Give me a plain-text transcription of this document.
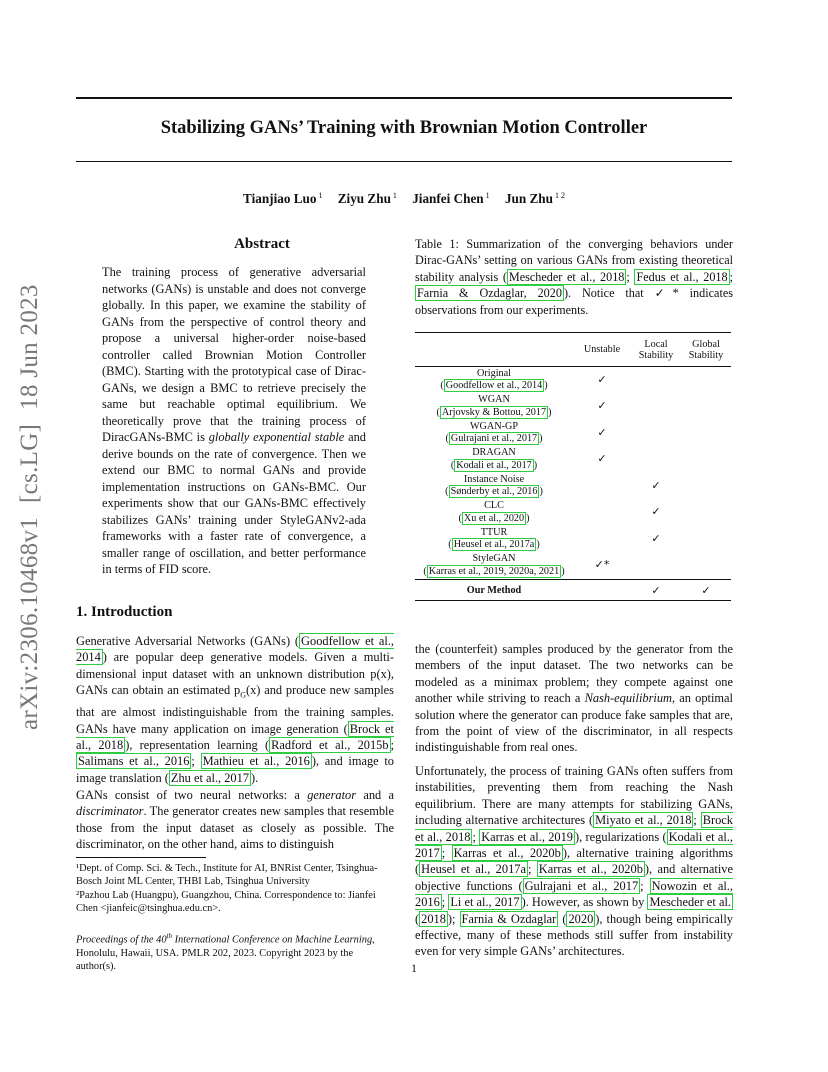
Stabilizing GANs’ Training with Brownian Motion Controller
Tianjiao Luo $^1$ Ziyu Zhu $^1$ Jianfei Chen $^1$ Jun Zhu $^{1 2}$
arXiv:2306.10468v1[cs.LG]18 Jun 2023
Abstract
The training process of generative adversarial networks (GANs) is unstable and does not converge globally. In this paper, we examine the stability of GANs from the perspective of control theory and propose a universal higher-order noise-based controller called Brownian Motion Controller (BMC). Starting with the prototypical case of Dirac-GANs, we design a BMC to retrieve precisely the same but reachable optimal equilibrium. We theoretically prove that the training process of DiracGANs-BMC is globally exponential stable and derive bounds on the rate of convergence. Then we extend our BMC to normal GANs and provide implementation instructions on GANs-BMC. Our experiments show that our GANs-BMC effectively stabilizes GANs’ training under StyleGANv2-ada frameworks with a faster rate of convergence, a smaller range of oscillation, and better performance in terms of FID score.
1. Introduction
Generative Adversarial Networks (GANs) ( Goodfellow et al., 2014 ) are popular deep generative models. Given a multi-dimensional input dataset with an unknown distribution p(x), GANs can obtain an estimated $p_G(x)$ and produce new samples that are almost indistinguishable from the training samples. GANs have many application on image generation ( Brock et al., 2018 ), representation learning ( Radford et al., 2015b ; Salimans et al., 2016 ; Mathieu et al., 2016 ), and image to image translation ( Zhu et al., 2017 ).
GANs consist of two neural networks: a generator and a discriminator. The generator creates new samples that resemble those from the input dataset as closely as possible. The discriminator, on the other hand, aims to distinguish
¹Dept. of Comp. Sci. & Tech., Institute for AI, BNRist Center, Tsinghua-Bosch Joint ML Center, THBI Lab, Tsinghua University
²Pazhou Lab (Huangpu), Guangzhou, China. Correspondence to: Jianfei Chen <jianfeic@tsinghua.edu.cn>.
Proceedings of the 40th International Conference on Machine Learning, Honolulu, Hawaii, USA. PMLR 202, 2023. Copyright 2023 by the author(s).
the (counterfeit) samples produced by the generator from the members of the input dataset. The two networks can be modeled as a minimax problem; they compete against one another while striving to reach a Nash-equilibrium, an optimal solution where the generator can produce fake samples that are, from the point of view of the discriminator, in all respects indistinguishable from real ones.
Unfortunately, the process of training GANs often suffers from instabilities, preventing them from reaching the Nash equilibrium. There are many attempts for stabilizing GANs, including alternative architectures ( Miyato et al., 2018 ; Brock et al., 2018 ; Karras et al., 2019 ), regularizations ( Kodali et al., 2017 ; Karras et al., 2020b ), alternative training algorithms ( Heusel et al., 2017a ; Karras et al., 2020b ), and alternative objective functions ( Gulrajani et al., 2017 ; Nowozin et al., 2016 ; Li et al., 2017 ). However, as shown by Mescheder et al. ( 2018 ); Farnia & Ozdaglar ( 2020 ), though being empirically effective, many of these methods still suffer from instability even for very simple GANs’ architectures.
Table 1: Summarization of the converging behaviors under Dirac-GANs’ setting on various GANs from existing theoretical stability analysis ( Mescheder et al., 2018 ; Fedus et al., 2018 ; Farnia & Ozdaglar, 2020 ). Notice that ✓* indicates observations from our experiments.
	Unstable	Local
Stability	Global
Stability

Original
( Goodfellow et al., 2014 )	✓		

WGAN
( Arjovsky & Bottou, 2017 )	✓		

WGAN-GP
( Gulrajani et al., 2017 )	✓		

DRAGAN
( Kodali et al., 2017 )	✓		

Instance Noise
( Sønderby et al., 2016 )		✓	

CLC
( Xu et al., 2020 )		✓	

TTUR
( Heusel et al., 2017a )		✓	

StyleGAN
( Karras et al., 2019, 2020a, 2021 )	✓*		
Our Method		✓	✓
1
